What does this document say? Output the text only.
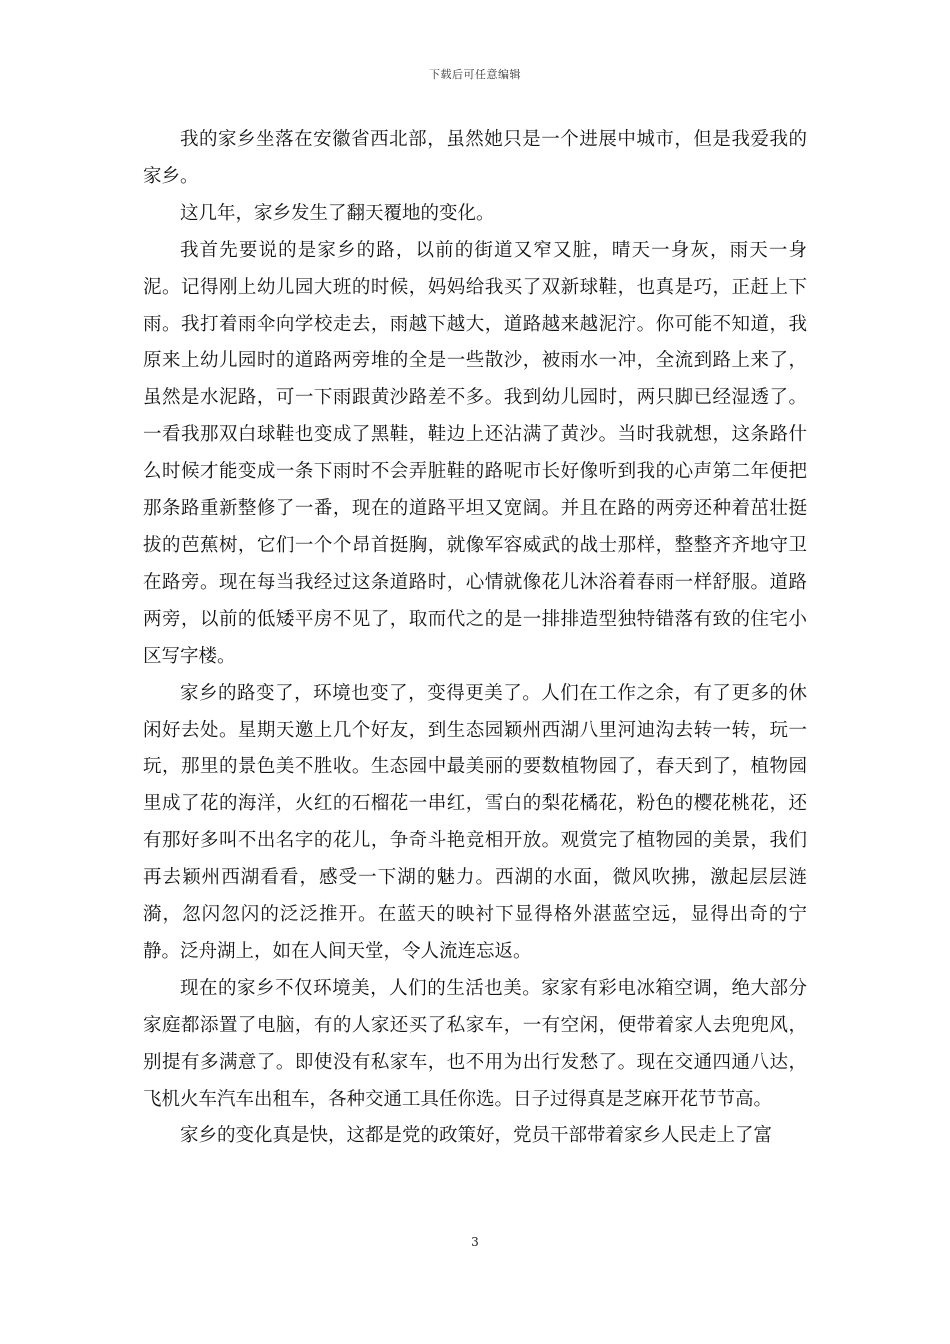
下载后可任意编辑

我的家乡坐落在安徽省西北部，虽然她只是一个进展中城市，但是我爱我的家乡。

这几年，家乡发生了翻天覆地的变化。

我首先要说的是家乡的路，以前的街道又窄又脏，晴天一身灰，雨天一身泥。记得刚上幼儿园大班的时候，妈妈给我买了双新球鞋，也真是巧，正赶上下雨。我打着雨伞向学校走去，雨越下越大，道路越来越泥泞。你可能不知道，我原来上幼儿园时的道路两旁堆的全是一些散沙，被雨水一冲，全流到路上来了，虽然是水泥路，可一下雨跟黄沙路差不多。我到幼儿园时，两只脚已经湿透了。一看我那双白球鞋也变成了黑鞋，鞋边上还沾满了黄沙。当时我就想，这条路什么时候才能变成一条下雨时不会弄脏鞋的路呢市长好像听到我的心声第二年便把那条路重新整修了一番，现在的道路平坦又宽阔。并且在路的两旁还种着茁壮挺拔的芭蕉树，它们一个个昂首挺胸，就像军容威武的战士那样，整整齐齐地守卫在路旁。现在每当我经过这条道路时，心情就像花儿沐浴着春雨一样舒服。道路两旁，以前的低矮平房不见了，取而代之的是一排排造型独特错落有致的住宅小区写字楼。

家乡的路变了，环境也变了，变得更美了。人们在工作之余，有了更多的休闲好去处。星期天邀上几个好友，到生态园颖州西湖八里河迪沟去转一转，玩一玩，那里的景色美不胜收。生态园中最美丽的要数植物园了，春天到了，植物园里成了花的海洋，火红的石榴花一串红，雪白的梨花橘花，粉色的樱花桃花，还有那好多叫不出名字的花儿，争奇斗艳竞相开放。观赏完了植物园的美景，我们再去颖州西湖看看，感受一下湖的魅力。西湖的水面，微风吹拂，激起层层涟漪，忽闪忽闪的泛泛推开。在蓝天的映衬下显得格外湛蓝空远，显得出奇的宁静。泛舟湖上，如在人间天堂，令人流连忘返。

现在的家乡不仅环境美，人们的生活也美。家家有彩电冰箱空调，绝大部分家庭都添置了电脑，有的人家还买了私家车，一有空闲，便带着家人去兜兜风，别提有多满意了。即使没有私家车，也不用为出行发愁了。现在交通四通八达，飞机火车汽车出租车，各种交通工具任你选。日子过得真是芝麻开花节节高。

家乡的变化真是快，这都是党的政策好，党员干部带着家乡人民走上了富

3
